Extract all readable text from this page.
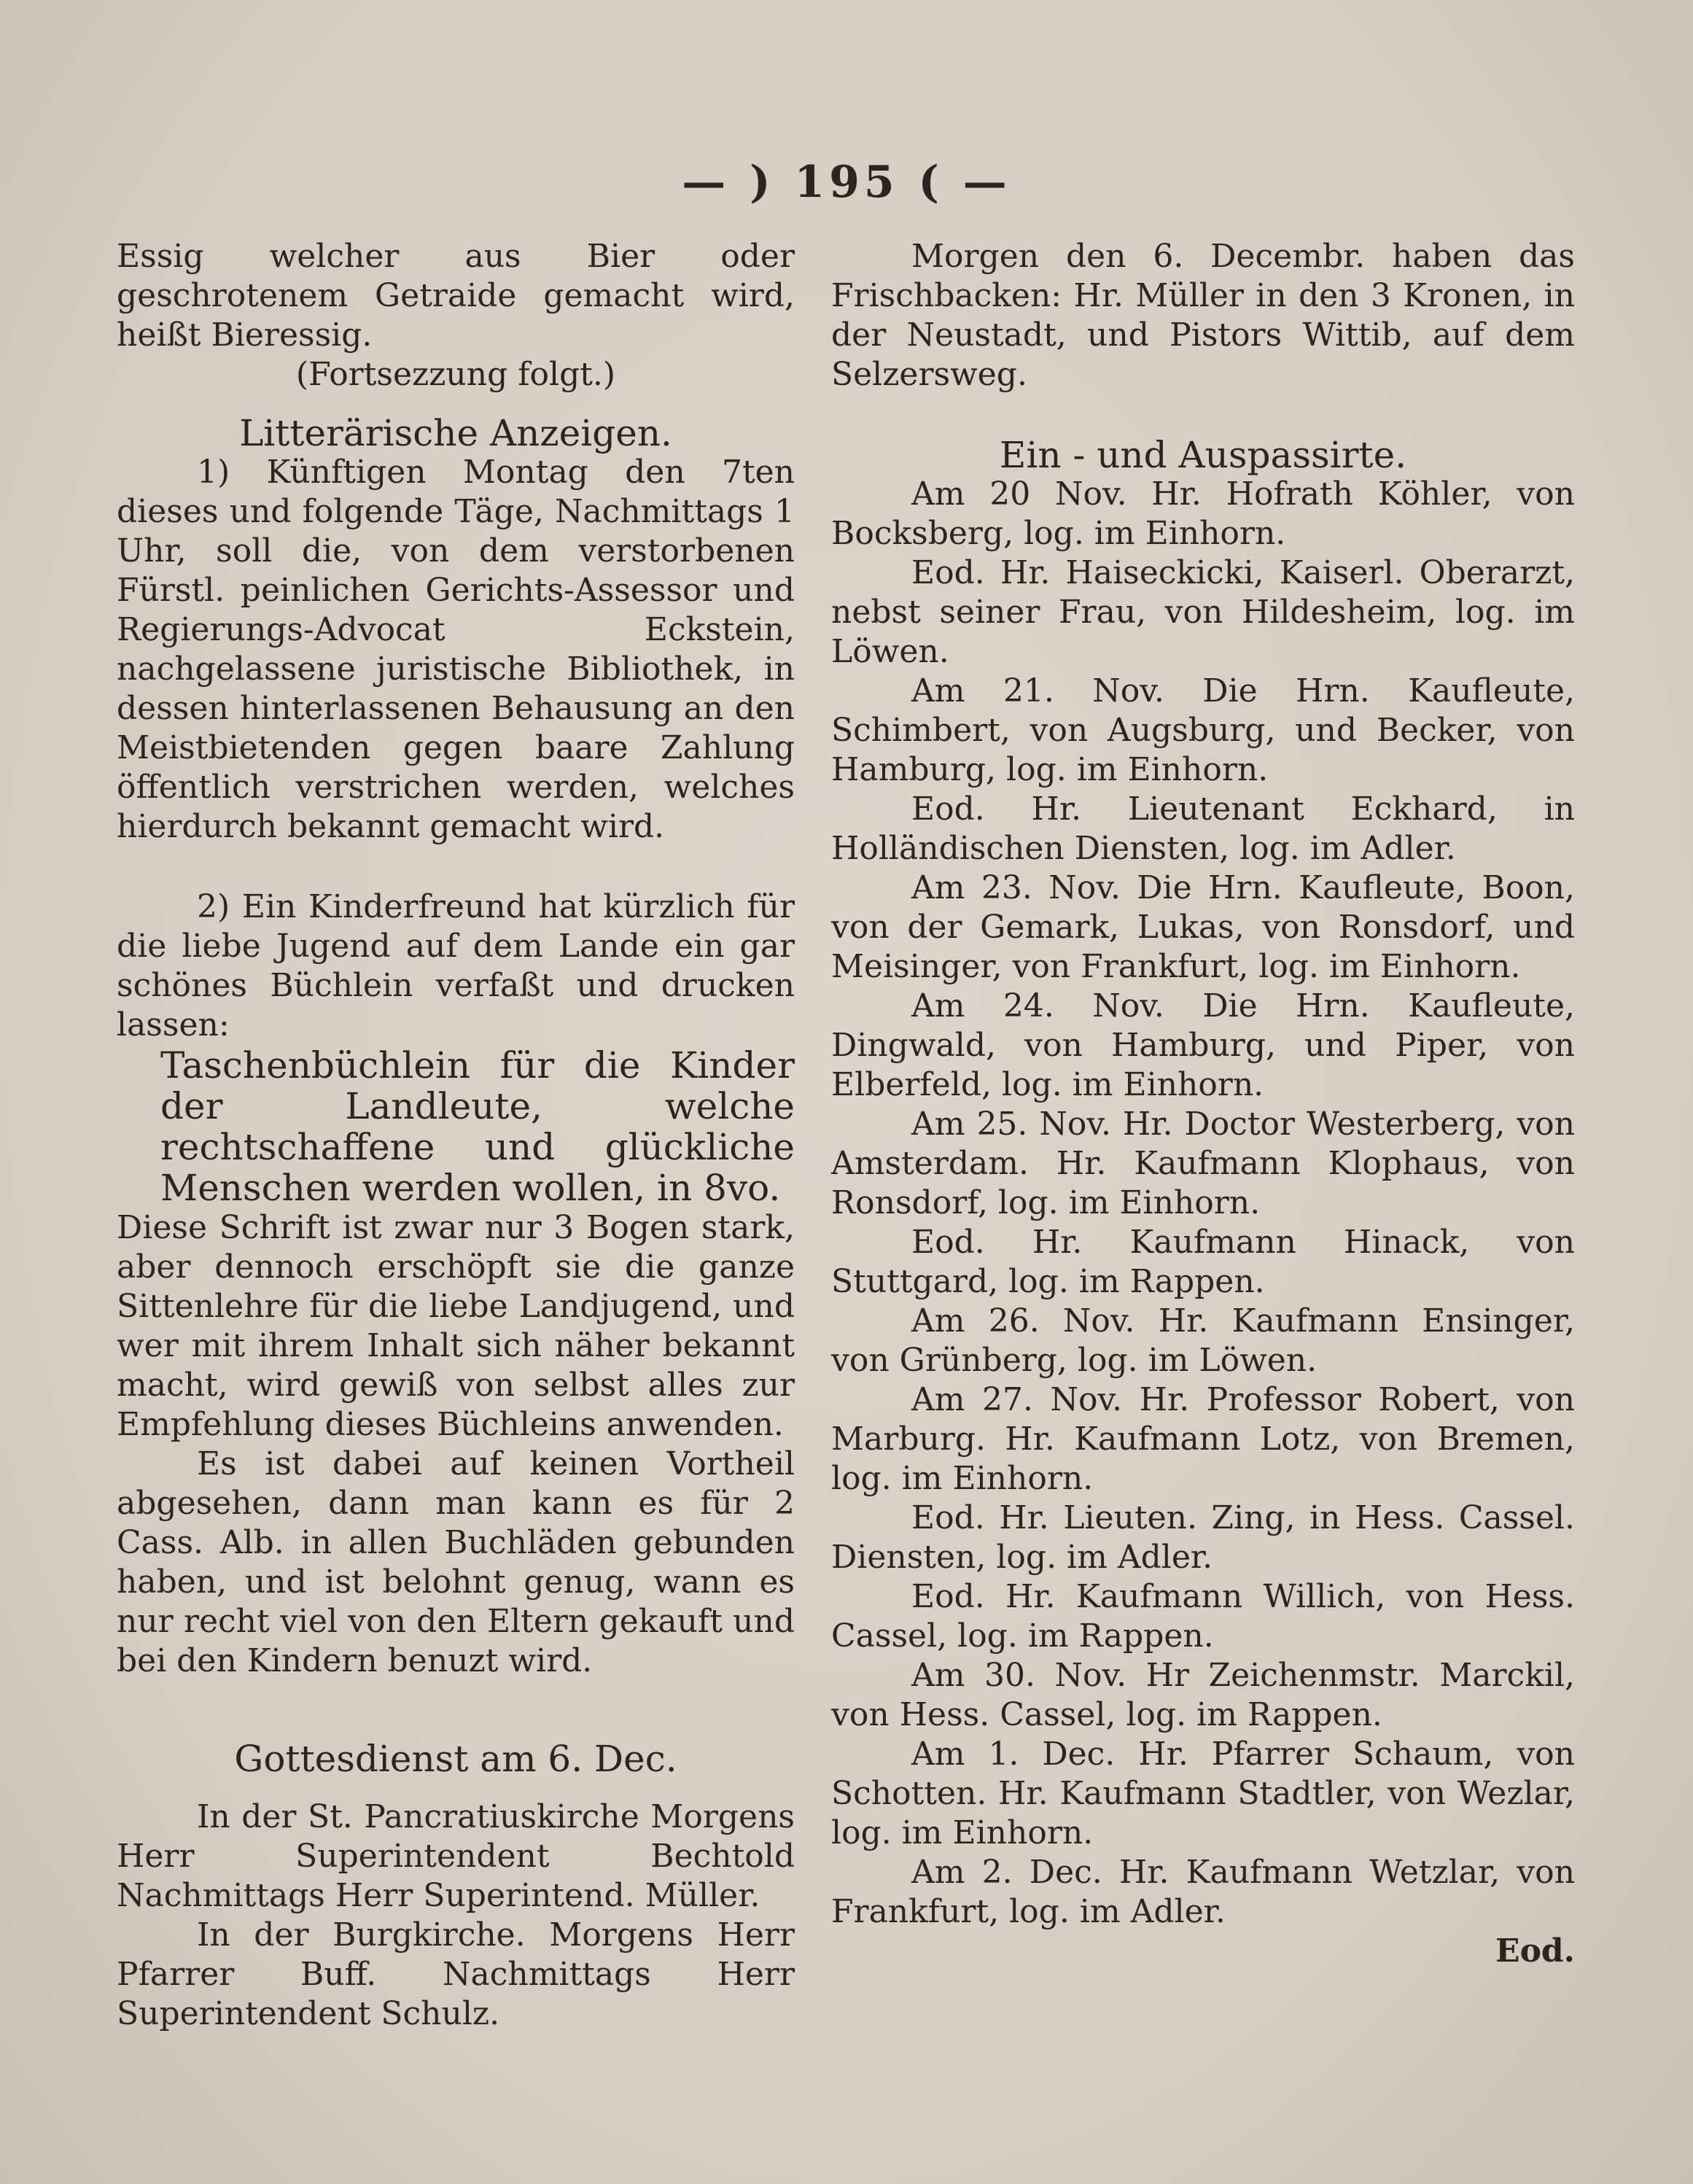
— ) 195 ( —

Essig welcher aus Bier oder geschrotenem Getraide gemacht wird, heißt Bieressig.

(Fortsezzung folgt.)

Litterärische Anzeigen.

1) Künftigen Montag den 7ten dieses und folgende Täge, Nachmittags 1 Uhr, soll die, von dem verstorbenen Fürstl. peinlichen Gerichts-Assessor und Regierungs-Advocat Eckstein, nachgelassene juristische Bibliothek, in dessen hinterlassenen Behausung an den Meistbietenden gegen baare Zahlung öffentlich verstrichen werden, welches hierdurch bekannt gemacht wird.

2) Ein Kinderfreund hat kürzlich für die liebe Jugend auf dem Lande ein gar schönes Büchlein verfaßt und drucken lassen:

Taschenbüchlein für die Kinder der Landleute, welche rechtschaffene und glückliche Menschen werden wollen, in 8vo.

Diese Schrift ist zwar nur 3 Bogen stark, aber dennoch erschöpft sie die ganze Sittenlehre für die liebe Landjugend, und wer mit ihrem Inhalt sich näher bekannt macht, wird gewiß von selbst alles zur Empfehlung dieses Büchleins anwenden.

Es ist dabei auf keinen Vortheil abgesehen, dann man kann es für 2 Cass. Alb. in allen Buchläden gebunden haben, und ist belohnt genug, wann es nur recht viel von den Eltern gekauft und bei den Kindern benuzt wird.

Gottesdienst am 6. Dec.

In der St. Pancratiuskirche Morgens Herr Superintendent Bechtold Nachmittags Herr Superintend. Müller.

In der Burgkirche. Morgens Herr Pfarrer Buff. Nachmittags Herr Superintendent Schulz.

Morgen den 6. Decembr. haben das Frischbacken: Hr. Müller in den 3 Kronen, in der Neustadt, und Pistors Wittib, auf dem Selzersweg.

Ein - und Auspassirte.

Am 20 Nov. Hr. Hofrath Köhler, von Bocksberg, log. im Einhorn.

Eod. Hr. Haiseckicki, Kaiserl. Oberarzt, nebst seiner Frau, von Hildesheim, log. im Löwen.

Am 21. Nov. Die Hrn. Kaufleute, Schimbert, von Augsburg, und Becker, von Hamburg, log. im Einhorn.

Eod. Hr. Lieutenant Eckhard, in Holländischen Diensten, log. im Adler.

Am 23. Nov. Die Hrn. Kaufleute, Boon, von der Gemark, Lukas, von Ronsdorf, und Meisinger, von Frankfurt, log. im Einhorn.

Am 24. Nov. Die Hrn. Kaufleute, Dingwald, von Hamburg, und Piper, von Elberfeld, log. im Einhorn.

Am 25. Nov. Hr. Doctor Westerberg, von Amsterdam. Hr. Kaufmann Klophaus, von Ronsdorf, log. im Einhorn.

Eod. Hr. Kaufmann Hinack, von Stuttgard, log. im Rappen.

Am 26. Nov. Hr. Kaufmann Ensinger, von Grünberg, log. im Löwen.

Am 27. Nov. Hr. Professor Robert, von Marburg. Hr. Kaufmann Lotz, von Bremen, log. im Einhorn.

Eod. Hr. Lieuten. Zing, in Hess. Cassel. Diensten, log. im Adler.

Eod. Hr. Kaufmann Willich, von Hess. Cassel, log. im Rappen.

Am 30. Nov. Hr Zeichenmstr. Marckil, von Hess. Cassel, log. im Rappen.

Am 1. Dec. Hr. Pfarrer Schaum, von Schotten. Hr. Kaufmann Stadtler, von Wezlar, log. im Einhorn.

Am 2. Dec. Hr. Kaufmann Wetzlar, von Frankfurt, log. im Adler.

Eod.
